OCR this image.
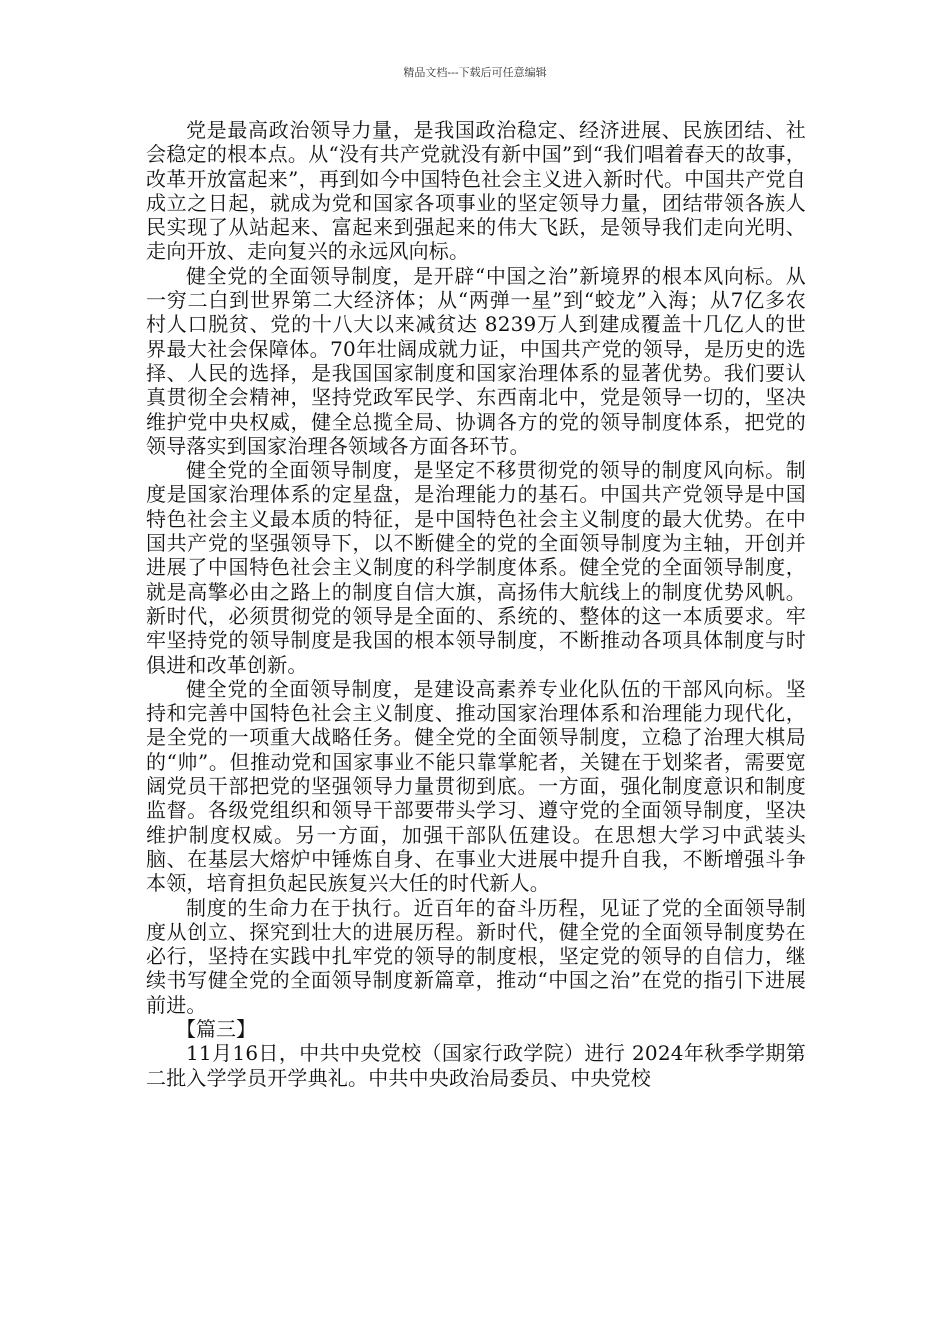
精品文档---下载后可任意编辑

党是最高政治领导力量，是我国政治稳定、经济进展、民族团结、社会稳定的根本点。从“没有共产党就没有新中国”到“我们唱着春天的故事，改革开放富起来”，再到如今中国特色社会主义进入新时代。中国共产党自成立之日起，就成为党和国家各项事业的坚定领导力量，团结带领各族人民实现了从站起来、富起来到强起来的伟大飞跃，是领导我们走向光明、走向开放、走向复兴的永远风向标。

健全党的全面领导制度，是开辟“中国之治”新境界的根本风向标。从一穷二白到世界第二大经济体；从“两弹一星”到“蛟龙”入海；从7亿多农村人口脱贫、党的十八大以来减贫达 8239万人到建成覆盖十几亿人的世界最大社会保障体。70年壮阔成就力证，中国共产党的领导，是历史的选择、人民的选择，是我国国家制度和国家治理体系的显著优势。我们要认真贯彻全会精神，坚持党政军民学、东西南北中，党是领导一切的，坚决维护党中央权威，健全总揽全局、协调各方的党的领导制度体系，把党的领导落实到国家治理各领域各方面各环节。

健全党的全面领导制度，是坚定不移贯彻党的领导的制度风向标。制度是国家治理体系的定星盘，是治理能力的基石。中国共产党领导是中国特色社会主义最本质的特征，是中国特色社会主义制度的最大优势。在中国共产党的坚强领导下，以不断健全的党的全面领导制度为主轴，开创并进展了中国特色社会主义制度的科学制度体系。健全党的全面领导制度，就是高擎必由之路上的制度自信大旗，高扬伟大航线上的制度优势风帆。新时代，必须贯彻党的领导是全面的、系统的、整体的这一本质要求。牢牢坚持党的领导制度是我国的根本领导制度，不断推动各项具体制度与时俱进和改革创新。

健全党的全面领导制度，是建设高素养专业化队伍的干部风向标。坚持和完善中国特色社会主义制度、推动国家治理体系和治理能力现代化，是全党的一项重大战略任务。健全党的全面领导制度，立稳了治理大棋局的“帅”。但推动党和国家事业不能只靠掌舵者，关键在于划桨者，需要宽阔党员干部把党的坚强领导力量贯彻到底。一方面，强化制度意识和制度监督。各级党组织和领导干部要带头学习、遵守党的全面领导制度，坚决维护制度权威。另一方面，加强干部队伍建设。在思想大学习中武装头脑、在基层大熔炉中锤炼自身、在事业大进展中提升自我，不断增强斗争本领，培育担负起民族复兴大任的时代新人。

制度的生命力在于执行。近百年的奋斗历程，见证了党的全面领导制度从创立、探究到壮大的进展历程。新时代，健全党的全面领导制度势在必行，坚持在实践中扎牢党的领导的制度根，坚定党的领导的自信力，继续书写健全党的全面领导制度新篇章，推动“中国之治”在党的指引下进展前进。

【篇三】

11月16日，中共中央党校（国家行政学院）进行 2024年秋季学期第二批入学学员开学典礼。中共中央政治局委员、中央党校
